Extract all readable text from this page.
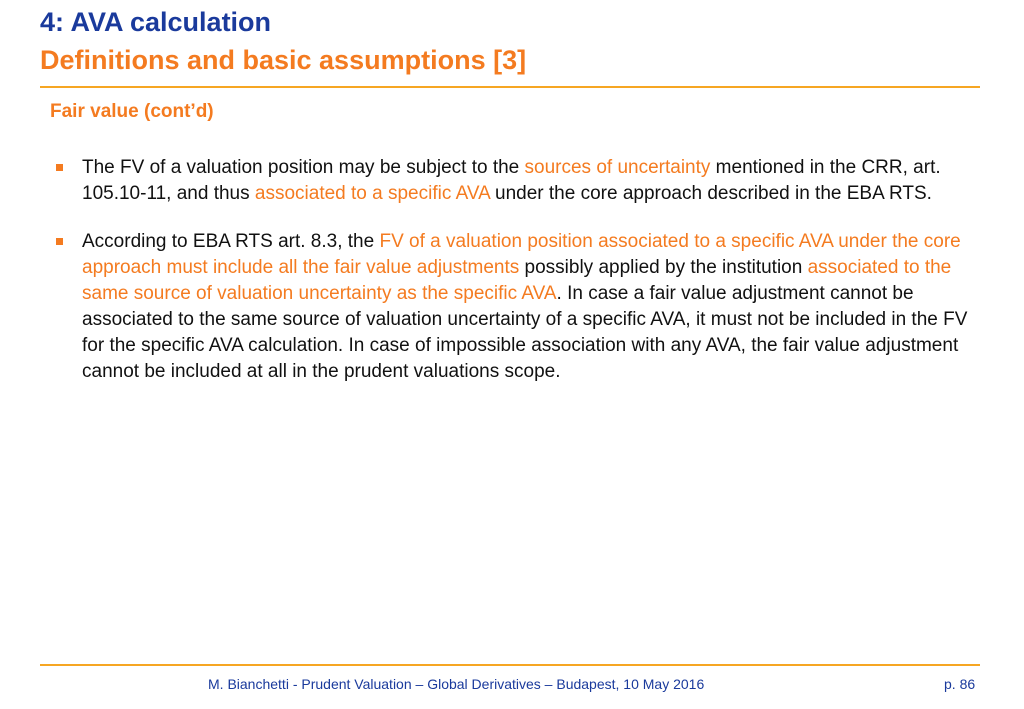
4: AVA calculation
Definitions and basic assumptions [3]
Fair value (cont’d)
The FV of a valuation position may be subject to the sources of uncertainty mentioned in the CRR, art. 105.10-11, and thus associated to a specific AVA under the core approach described in the EBA RTS.
According to EBA RTS art. 8.3, the FV of a valuation position associated to a specific AVA under the core approach must include all the fair value adjustments possibly applied by the institution associated to the same source of valuation uncertainty as the specific AVA. In case a fair value adjustment cannot be associated to the same source of valuation uncertainty of a specific AVA, it must not be included in the FV for the specific AVA calculation. In case of impossible association with any AVA, the fair value adjustment cannot be included at all in the prudent valuations scope.
M. Bianchetti - Prudent Valuation – Global Derivatives – Budapest, 10 May 2016	p. 86
